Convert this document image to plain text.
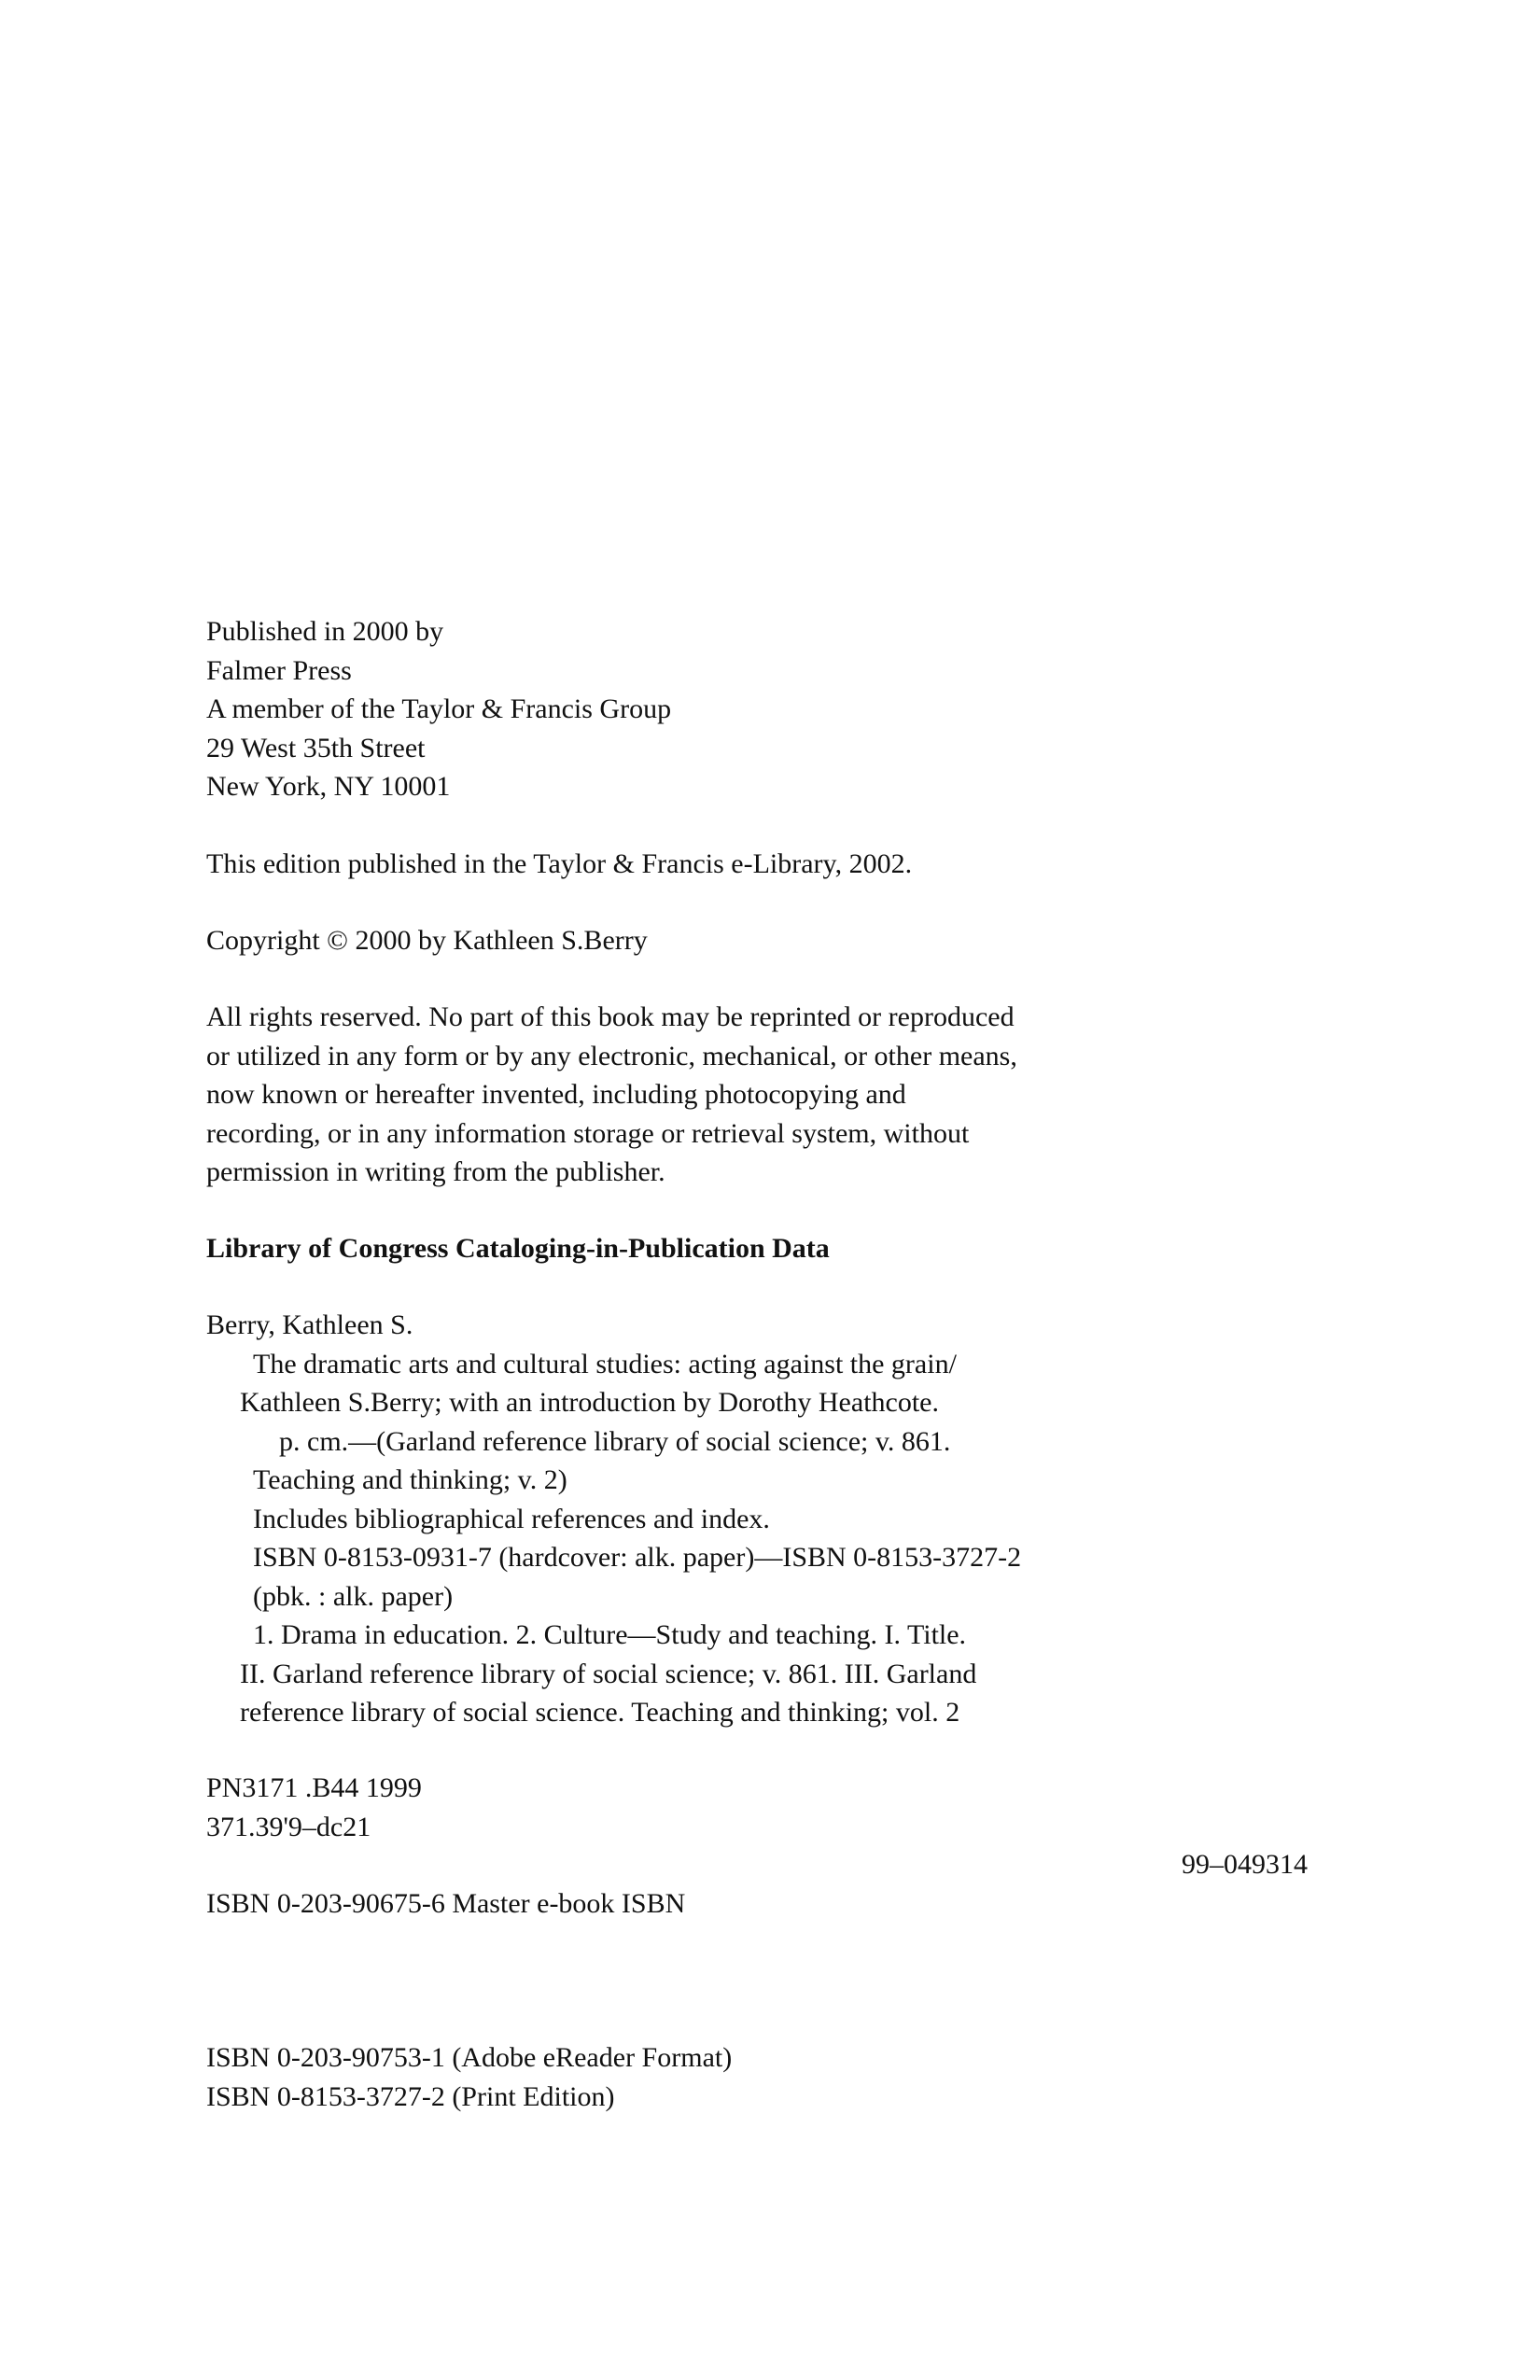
Published in 2000 by
Falmer Press
A member of the Taylor & Francis Group
29 West 35th Street
New York, NY 10001
This edition published in the Taylor & Francis e-Library, 2002.
Copyright © 2000 by Kathleen S.Berry
All rights reserved. No part of this book may be reprinted or reproduced
or utilized in any form or by any electronic, mechanical, or other means,
now known or hereafter invented, including photocopying and
recording, or in any information storage or retrieval system, without
permission in writing from the publisher.
Library of Congress Cataloging-in-Publication Data
Berry, Kathleen S.
The dramatic arts and cultural studies: acting against the grain/
Kathleen S.Berry; with an introduction by Dorothy Heathcote.
p. cm.—(Garland reference library of social science; v. 861.
Teaching and thinking; v. 2)
Includes bibliographical references and index.
ISBN 0-8153-0931-7 (hardcover: alk. paper)—ISBN 0-8153-3727-2
(pbk. : alk. paper)
1. Drama in education. 2. Culture—Study and teaching. I. Title.
II. Garland reference library of social science; v. 861. III. Garland
reference library of social science. Teaching and thinking; vol. 2
PN3171 .B44 1999
371.39'9–dc21
99–049314
ISBN 0-203-90675-6 Master e-book ISBN
ISBN 0-203-90753-1 (Adobe eReader Format)
ISBN 0-8153-3727-2 (Print Edition)
